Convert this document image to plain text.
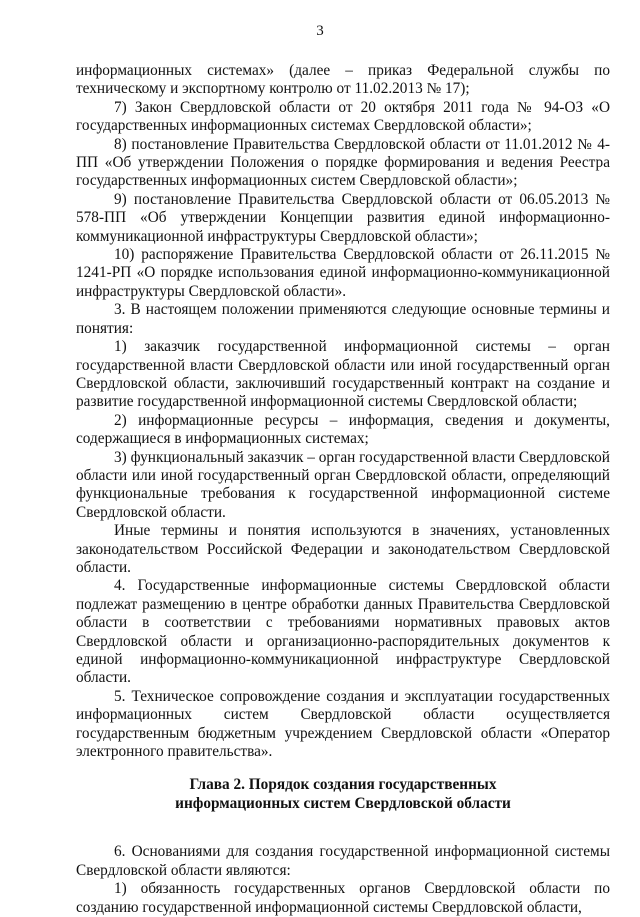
3

информационных системах» (далее – приказ Федеральной службы по техническому и экспортному контролю от 11.02.2013 № 17);

7) Закон Свердловской области от 20 октября 2011 года № 94-ОЗ «О государственных информационных системах Свердловской области»;

8) постановление Правительства Свердловской области от 11.01.2012 № 4-ПП «Об утверждении Положения о порядке формирования и ведения Реестра государственных информационных систем Свердловской области»;

9) постановление Правительства Свердловской области от 06.05.2013 № 578-ПП «Об утверждении Концепции развития единой информационно-коммуникационной инфраструктуры Свердловской области»;

10) распоряжение Правительства Свердловской области от 26.11.2015 № 1241-РП «О порядке использования единой информационно-коммуникационной инфраструктуры Свердловской области».

3. В настоящем положении применяются следующие основные термины и понятия:

1) заказчик государственной информационной системы – орган государственной власти Свердловской области или иной государственный орган Свердловской области, заключивший государственный контракт на создание и развитие государственной информационной системы Свердловской области;

2) информационные ресурсы – информация, сведения и документы, содержащиеся в информационных системах;

3) функциональный заказчик – орган государственной власти Свердловской области или иной государственный орган Свердловской области, определяющий функциональные требования к государственной информационной системе Свердловской области.

Иные термины и понятия используются в значениях, установленных законодательством Российской Федерации и законодательством Свердловской области.

4. Государственные информационные системы Свердловской области подлежат размещению в центре обработки данных Правительства Свердловской области в соответствии с требованиями нормативных правовых актов Свердловской области и организационно-распорядительных документов к единой информационно-коммуникационной инфраструктуре Свердловской области.

5. Техническое сопровождение создания и эксплуатации государственных информационных систем Свердловской области осуществляется государственным бюджетным учреждением Свердловской области «Оператор электронного правительства».

Глава 2. Порядок создания государственных
информационных систем Свердловской области

6. Основаниями для создания государственной информационной системы Свердловской области являются:

1) обязанность государственных органов Свердловской области по созданию государственной информационной системы Свердловской области,
